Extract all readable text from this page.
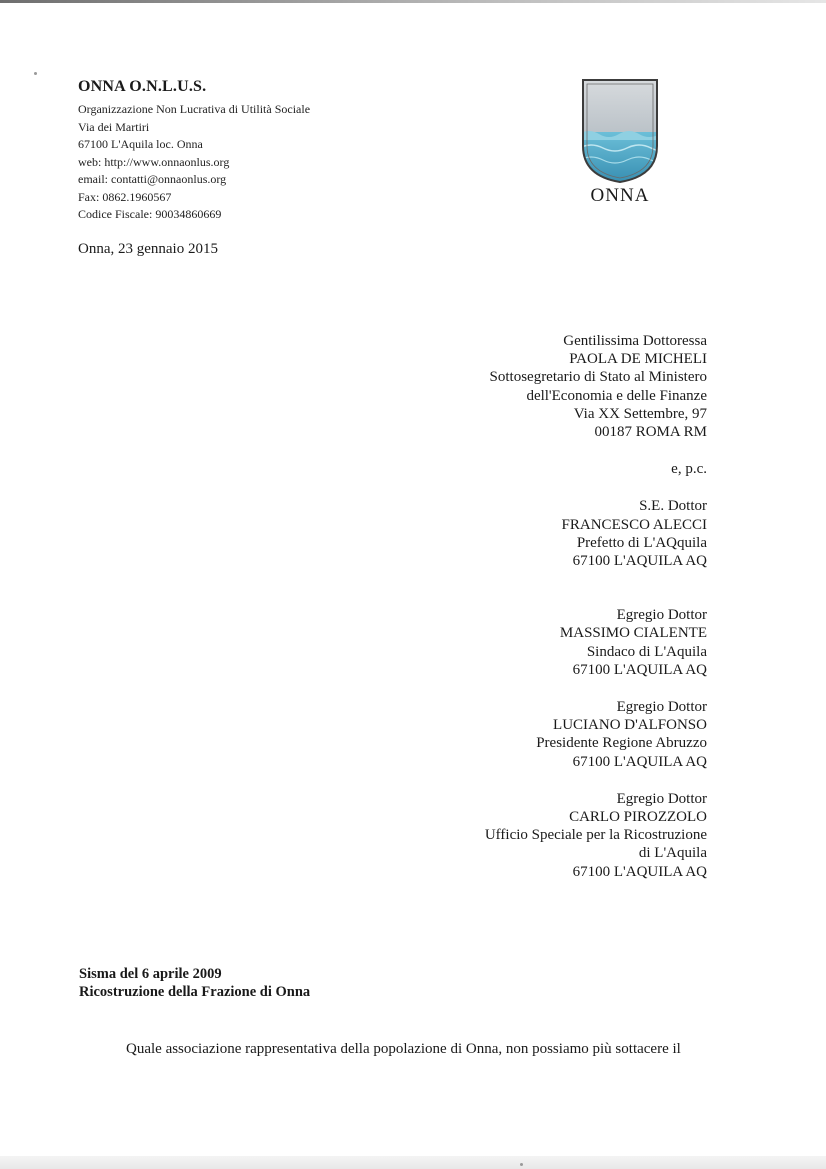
ONNA O.N.L.U.S.
Organizzazione Non Lucrativa di Utilità Sociale
Via dei Martiri
67100 L'Aquila loc. Onna
web: http://www.onnaonlus.org
email: contatti@onnaonlus.org
Fax: 0862.1960567
Codice Fiscale: 90034860669
ONNA
Onna, 23 gennaio 2015
Gentilissima Dottoressa
PAOLA DE MICHELI
Sottosegretario di Stato al Ministero
dell'Economia e delle Finanze
Via XX Settembre, 97
00187 ROMA RM
e, p.c.
S.E. Dottor
FRANCESCO ALECCI
Prefetto di L'AQquila
67100 L'AQUILA AQ
Egregio Dottor
MASSIMO CIALENTE
Sindaco di L'Aquila
67100 L'AQUILA AQ
Egregio Dottor
LUCIANO D'ALFONSO
Presidente Regione Abruzzo
67100 L'AQUILA AQ
Egregio Dottor
CARLO PIROZZOLO
Ufficio Speciale per la Ricostruzione
di L'Aquila
67100 L'AQUILA AQ
Sisma del 6 aprile 2009
Ricostruzione della Frazione di Onna
Quale associazione rappresentativa della popolazione di Onna, non possiamo più sottacere il
